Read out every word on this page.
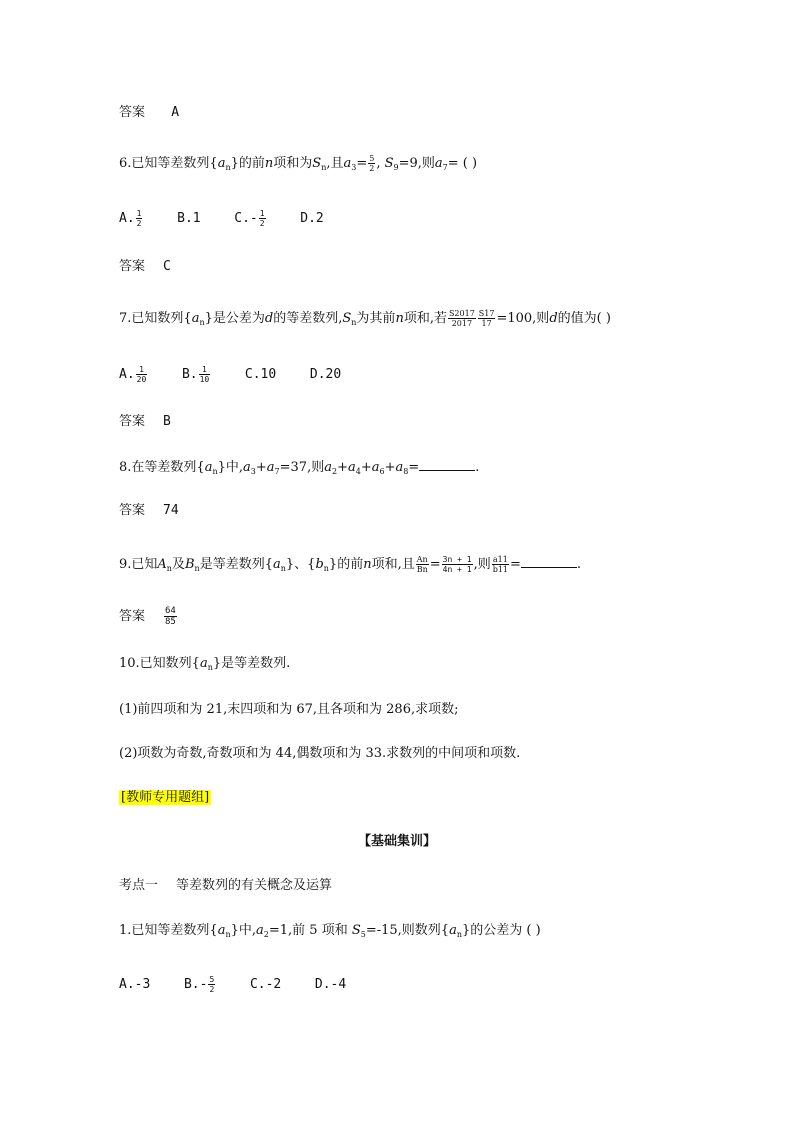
答案 A
6.已知等差数列$\{a_n\}$的前n项和为$S_n$,且$a_3= \frac{5}{2}$ , $S_9=9$,则$a_7=$ ( )
A. $\frac{1}{2}$	B.1	$C.- \frac{1}{2}$	D.2
答案 C
7.已知数列$\{a_n\}$是公差为d的等差数列$,S_n$为其前n项和,若 $\frac{S2017}{2017} \frac{S17}{17} =100$,则d的值为( )
A. $\frac{1}{20}$	B. $\frac{1}{10}$	C.10	D.20
答案 B
8.在等差数列$\{a_n\}$中$,a_3+a_7=37$,则$a_2+a_4+a_6+a_8=$	.
答案 74
9.已知$A_n$及$B_n$是等差数列$\{a_n\}$、$\{b_n\}$的前n项和,且 $\frac{An}{Bn} = \frac{3n + 1}{4n + 1}$ ,则 $\frac{a11}{b11}$ =	.
答案 $\frac{64}{85}$
10.已知数列$\{a_n\}$是等差数列.
(1)前四项和为 21,末四项和为 67,且各项和为 286,求项数;
(2)项数为奇数,奇数项和为 44,偶数项和为 33.求数列的中间项和项数.
[教师专用题组]
【基础集训】
考点一 等差数列的有关概念及运算
1.已知等差数列$\{a_n\}$中$,a_2=1$,前 5 项和 $S_5=-15$,则数列$\{a_n\}$的公差为 ( )
A.-3	$B.- \frac{5}{2}$	C.-2	D.-4
